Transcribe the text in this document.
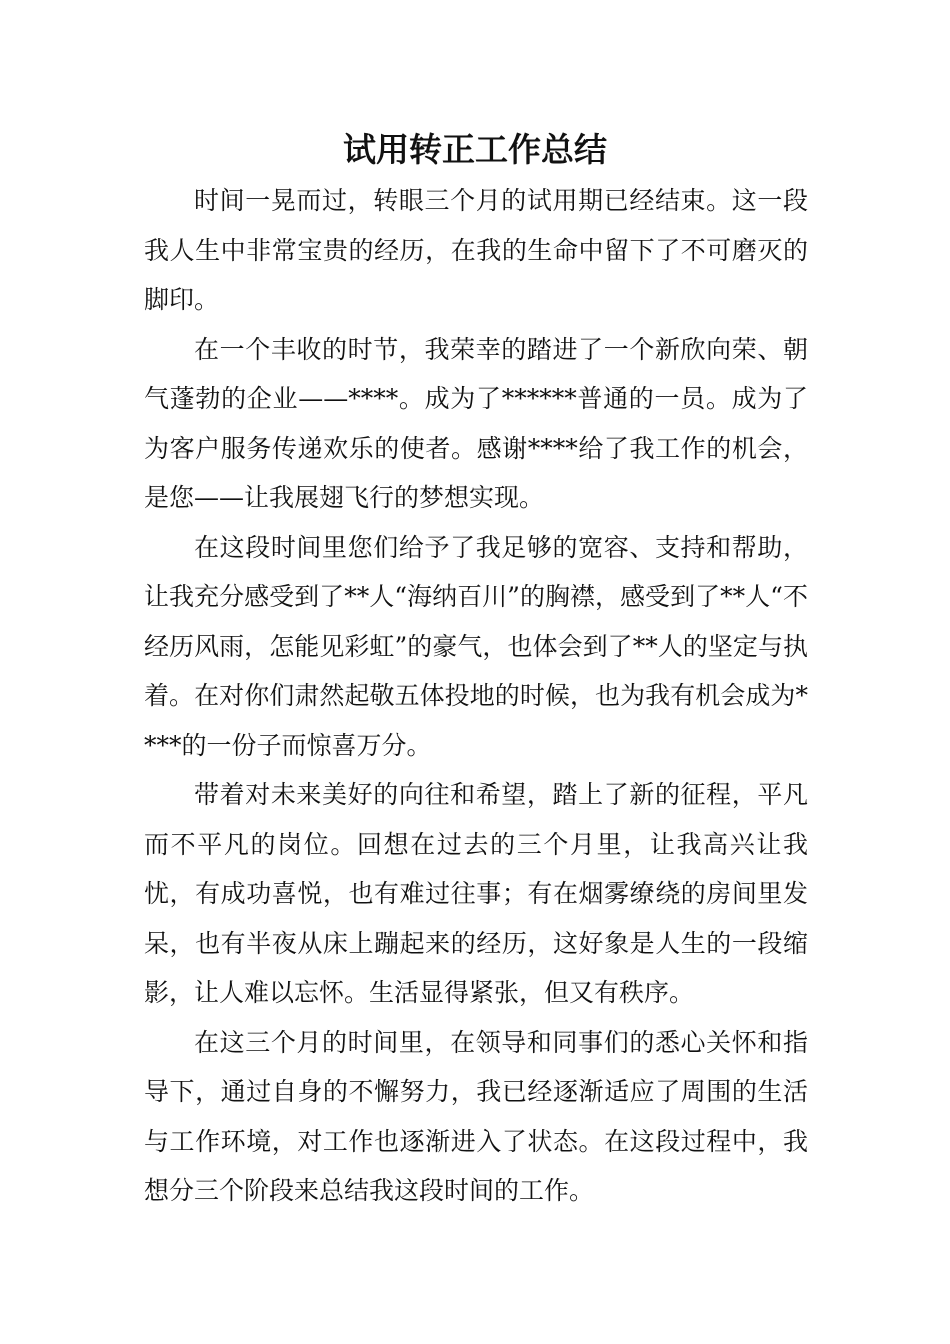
试用转正工作总结

时间一晃而过，转眼三个月的试用期已经结束。这一段我人生中非常宝贵的经历，在我的生命中留下了不可磨灭的脚印。

在一个丰收的时节，我荣幸的踏进了一个新欣向荣、朝气蓬勃的企业——****。成为了******普通的一员。成为了为客户服务传递欢乐的使者。感谢****给了我工作的机会，是您——让我展翅飞行的梦想实现。

在这段时间里您们给予了我足够的宽容、支持和帮助，让我充分感受到了**人“海纳百川”的胸襟，感受到了**人“不经历风雨，怎能见彩虹”的豪气，也体会到了**人的坚定与执着。在对你们肃然起敬五体投地的时候，也为我有机会成为****的一份子而惊喜万分。

带着对未来美好的向往和希望，踏上了新的征程，平凡而不平凡的岗位。回想在过去的三个月里，让我高兴让我忧，有成功喜悦，也有难过往事；有在烟雾缭绕的房间里发呆，也有半夜从床上蹦起来的经历，这好象是人生的一段缩影，让人难以忘怀。生活显得紧张，但又有秩序。

在这三个月的时间里，在领导和同事们的悉心关怀和指导下，通过自身的不懈努力，我已经逐渐适应了周围的生活与工作环境，对工作也逐渐进入了状态。在这段过程中，我想分三个阶段来总结我这段时间的工作。
